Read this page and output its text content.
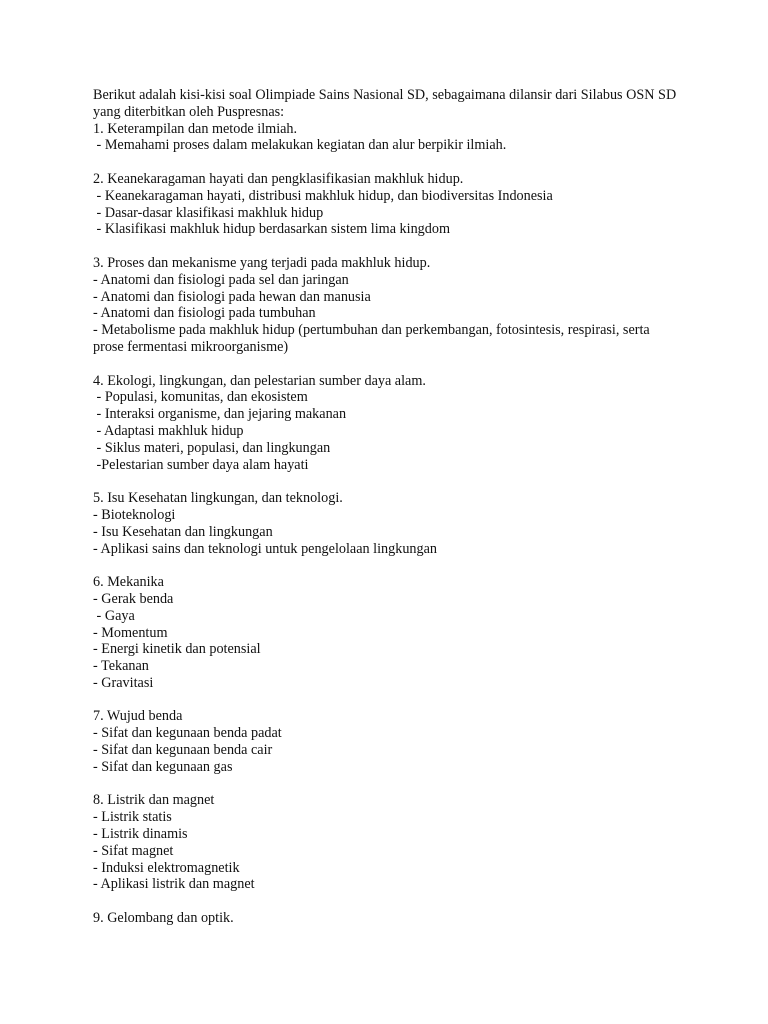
Berikut adalah kisi-kisi soal Olimpiade Sains Nasional SD, sebagaimana dilansir dari Silabus OSN SD yang diterbitkan oleh Puspresnas:

1. Keterampilan dan metode ilmiah.
- Memahami proses dalam melakukan kegiatan dan alur berpikir ilmiah.
2. Keanekaragaman hayati dan pengklasifikasian makhluk hidup.
- Keanekaragaman hayati, distribusi makhluk hidup, dan biodiversitas Indonesia
- Dasar-dasar klasifikasi makhluk hidup
- Klasifikasi makhluk hidup berdasarkan sistem lima kingdom
3. Proses dan mekanisme yang terjadi pada makhluk hidup.
- Anatomi dan fisiologi pada sel dan jaringan
- Anatomi dan fisiologi pada hewan dan manusia
- Anatomi dan fisiologi pada tumbuhan
- Metabolisme pada makhluk hidup (pertumbuhan dan perkembangan, fotosintesis, respirasi, serta prose fermentasi mikroorganisme)
4. Ekologi, lingkungan, dan pelestarian sumber daya alam.
- Populasi, komunitas, dan ekosistem
- Interaksi organisme, dan jejaring makanan
- Adaptasi makhluk hidup
- Siklus materi, populasi, dan lingkungan
-Pelestarian sumber daya alam hayati
5. Isu Kesehatan lingkungan, dan teknologi.
- Bioteknologi
- Isu Kesehatan dan lingkungan
- Aplikasi sains dan teknologi untuk pengelolaan lingkungan
6. Mekanika
- Gerak benda
- Gaya
- Momentum
- Energi kinetik dan potensial
- Tekanan
- Gravitasi
7. Wujud benda
- Sifat dan kegunaan benda padat
- Sifat dan kegunaan benda cair
- Sifat dan kegunaan gas
8. Listrik dan magnet
- Listrik statis
- Listrik dinamis
- Sifat magnet
- Induksi elektromagnetik
- Aplikasi listrik dan magnet
9. Gelombang dan optik.
